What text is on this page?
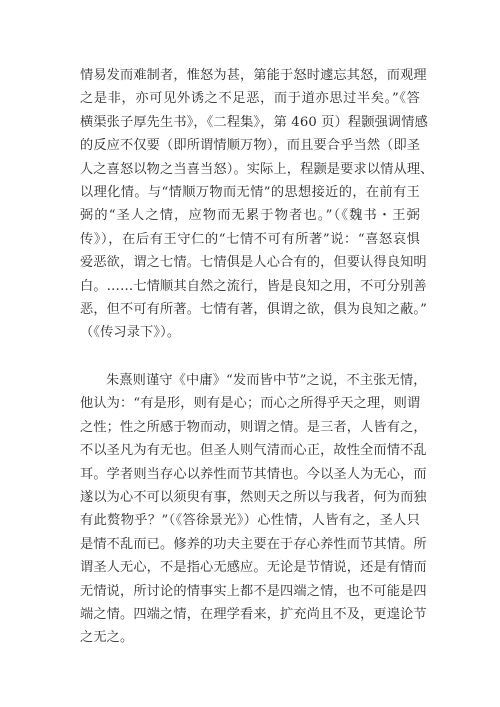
情易发而难制者，惟怒为甚，第能于怒时遽忘其怒，而观理
之是非，亦可见外诱之不足恶，而于道亦思过半矣。”《答
横渠张子厚先生书》，《二程集》，第 460 页）程颢强调情感
的反应不仅要（即所谓情顺万物），而且要合乎当然（即圣
人之喜怒以物之当喜当怒）。实际上，程颢是要求以情从理、
以理化情。与“情顺万物而无情”的思想接近的，在前有王
弼的“圣人之情，应物而无累于物者也。”（《魏书・王弼
传》），在后有王守仁的“七情不可有所著”说：“喜怒哀惧
爱恶欲，谓之七情。七情俱是人心合有的，但要认得良知明
白。……七情顺其自然之流行，皆是良知之用，不可分别善
恶，但不可有所著。七情有著，俱谓之欲，俱为良知之蔽。”
（《传习录下》）。
朱熹则谨守《中庸》“发而皆中节”之说，不主张无情，
他认为：“有是形，则有是心；而心之所得乎天之理，则谓
之性；性之所感于物而动，则谓之情。是三者，人皆有之，
不以圣凡为有无也。但圣人则气清而心正，故性全而情不乱
耳。学者则当存心以养性而节其情也。今以圣人为无心，而
遂以为心不可以须臾有事，然则天之所以与我者，何为而独
有此赘物乎？”（《答徐景光》）心性情，人皆有之，圣人只
是情不乱而已。修养的功夫主要在于存心养性而节其情。所
谓圣人无心，不是指心无感应。无论是节情说，还是有情而
无情说，所讨论的情事实上都不是四端之情，也不可能是四
端之情。四端之情，在理学看来，扩充尚且不及，更遑论节
之无之。
